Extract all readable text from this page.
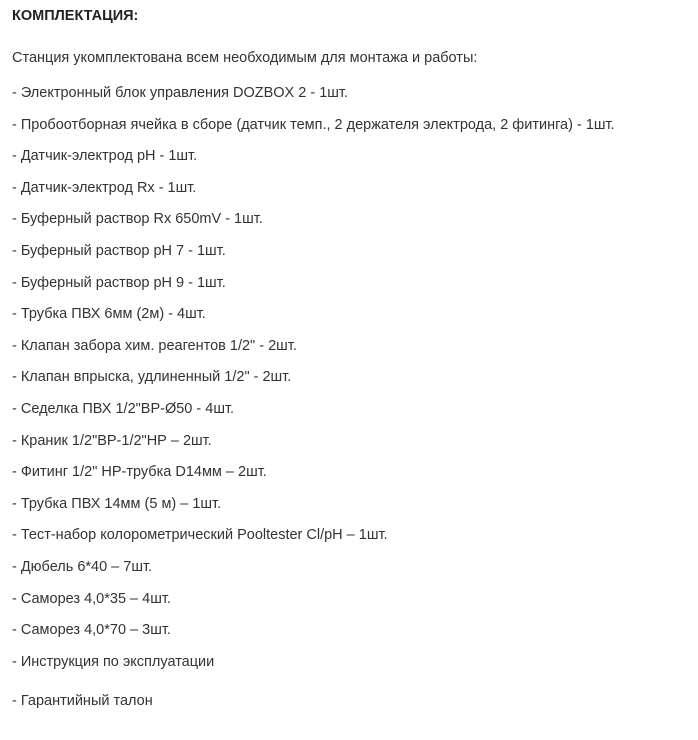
КОМПЛЕКТАЦИЯ:
Станция укомплектована всем необходимым для монтажа и работы:
- Электронный блок управления DOZBOX 2 - 1шт.
- Пробоотборная ячейка в сборе (датчик темп., 2 держателя электрода, 2 фитинга) - 1шт.
- Датчик-электрод pH - 1шт.
- Датчик-электрод Rx - 1шт.
- Буферный раствор Rx 650mV - 1шт.
- Буферный раствор pH 7 - 1шт.
- Буферный раствор pH 9 - 1шт.
- Трубка ПВХ 6мм (2м) - 4шт.
- Клапан забора хим. реагентов 1/2" - 2шт.
- Клапан впрыска, удлиненный 1/2" - 2шт.
- Седелка ПВХ 1/2"ВР-Ø50 - 4шт.
- Краник 1/2"ВР-1/2"НР – 2шт.
- Фитинг 1/2" НР-трубка D14мм – 2шт.
- Трубка ПВХ 14мм (5 м) – 1шт.
- Тест-набор колорометрический Pooltester Cl/pH – 1шт.
- Дюбель 6*40 – 7шт.
- Саморез 4,0*35 – 4шт.
- Саморез 4,0*70 – 3шт.
- Инструкция по эксплуатации
- Гарантийный талон
